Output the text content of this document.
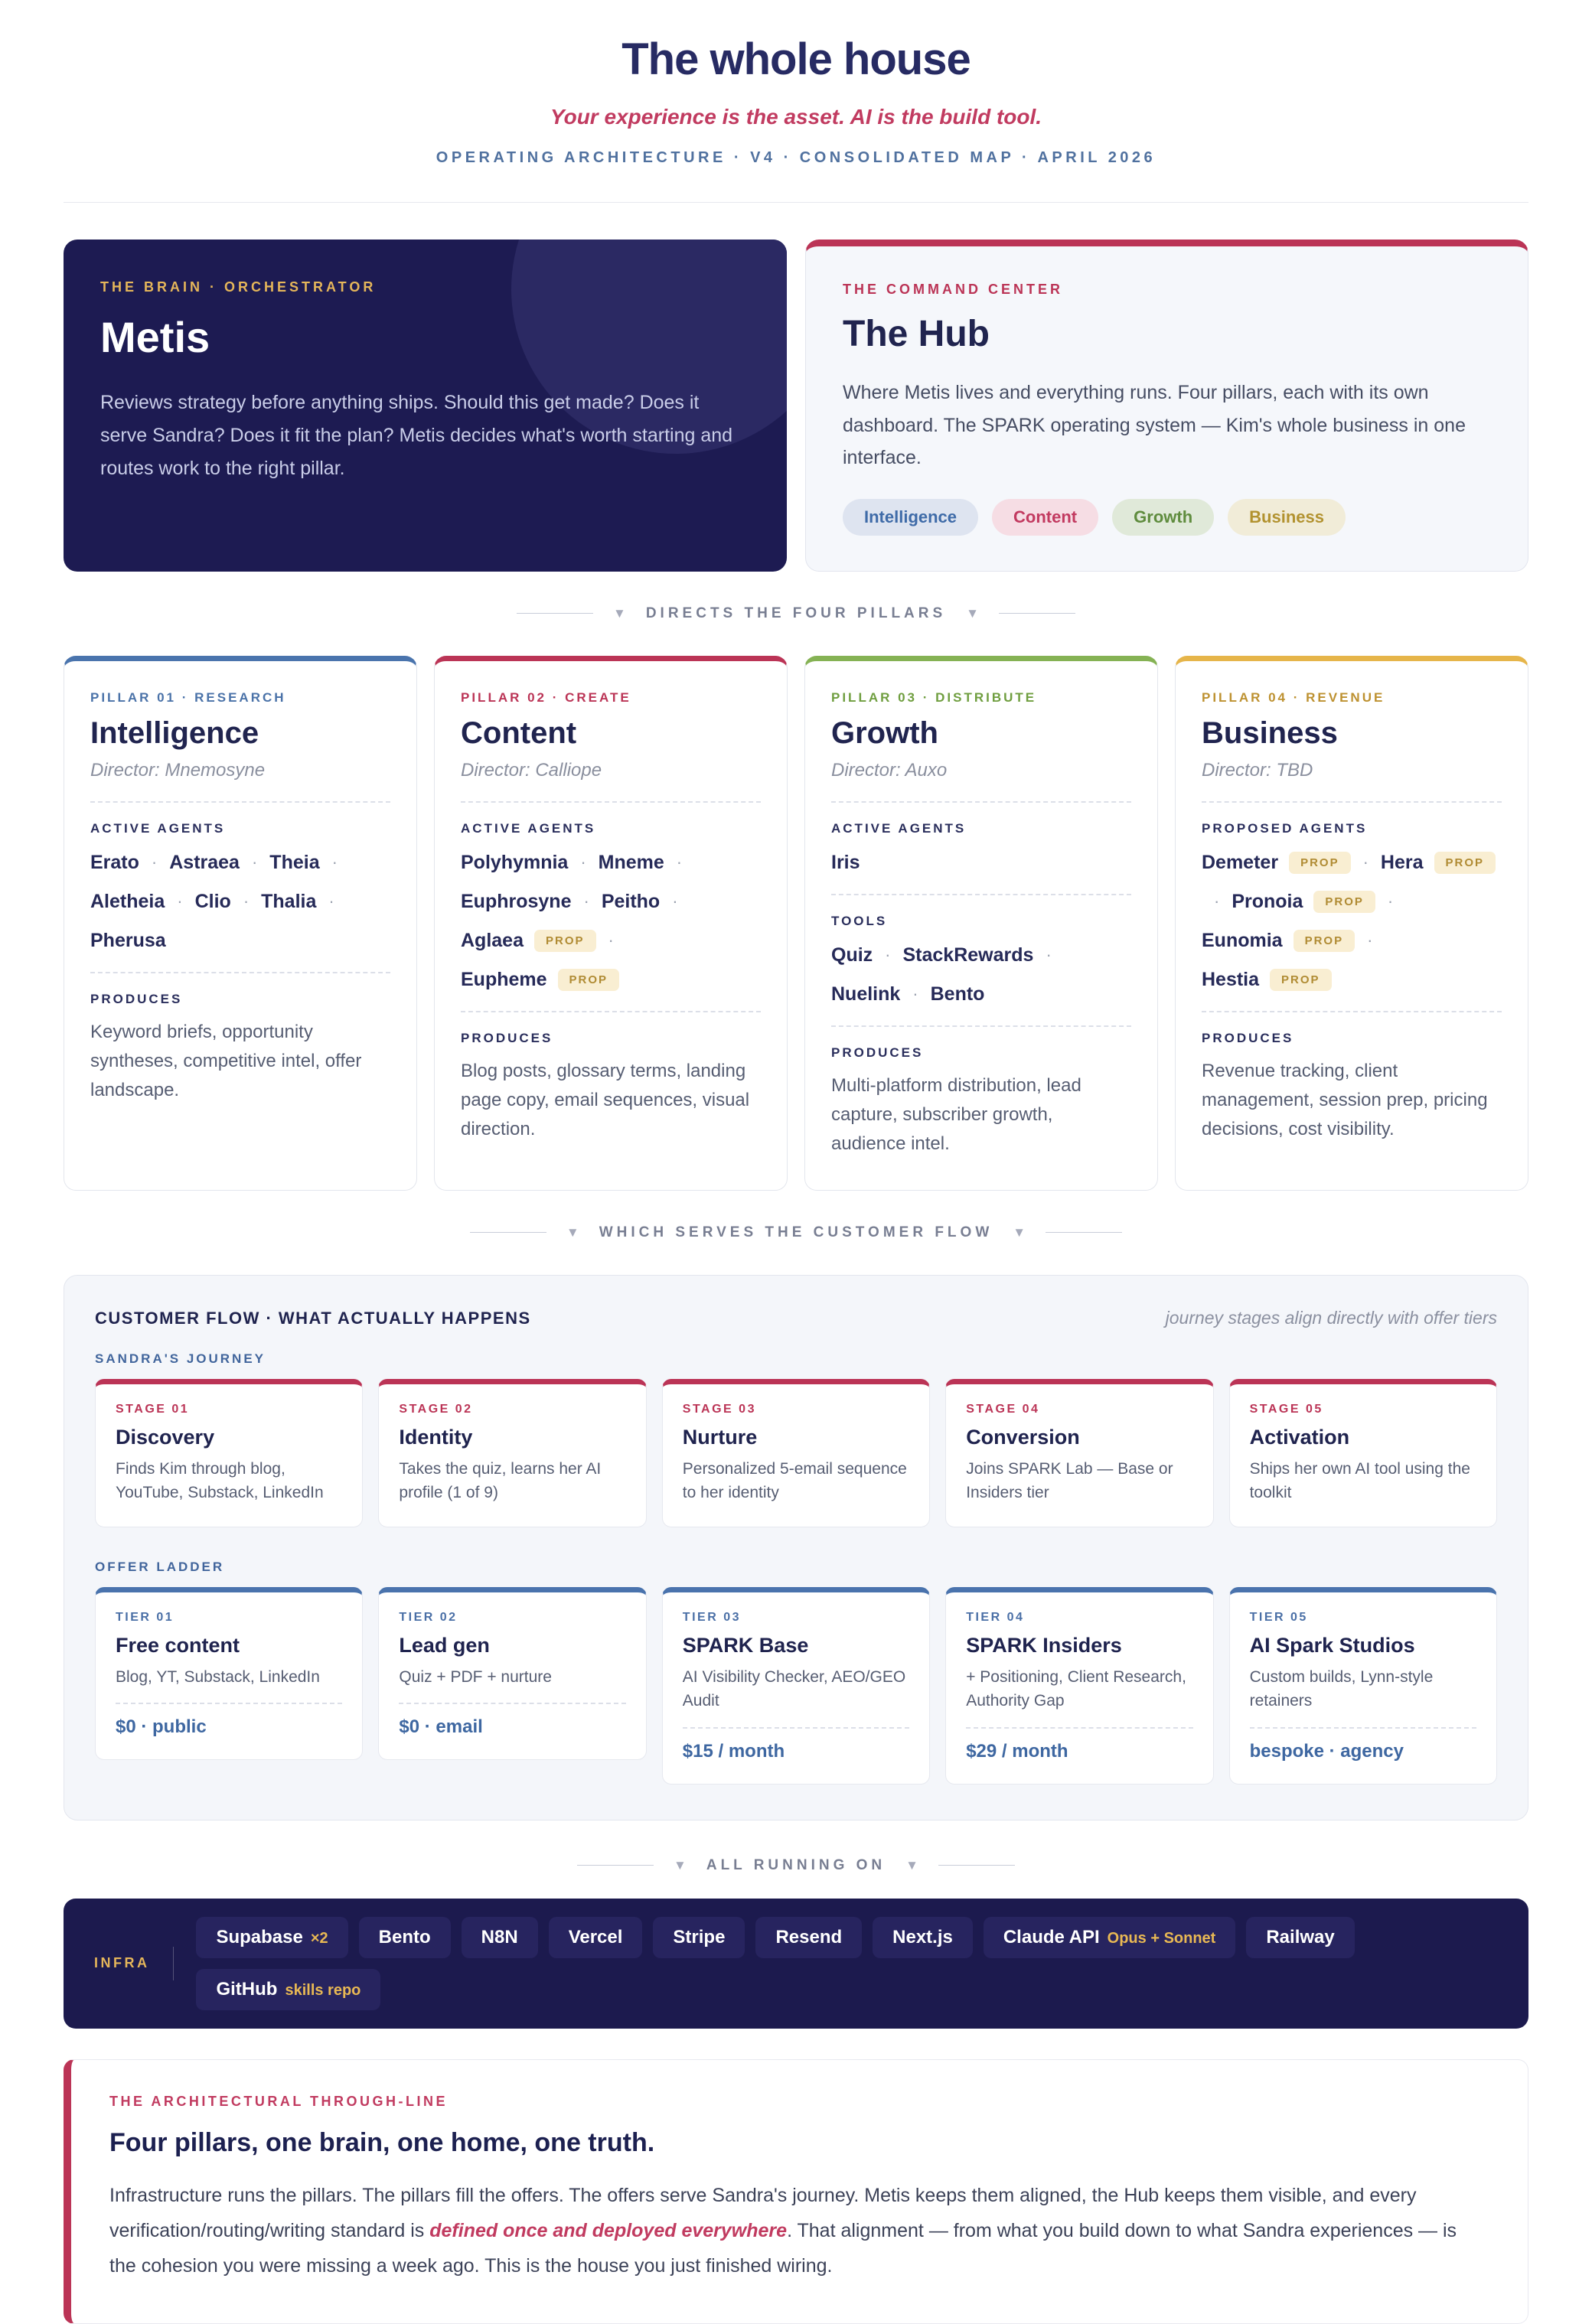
The whole house
Your experience is the asset. AI is the build tool.
OPERATING ARCHITECTURE · V4 · CONSOLIDATED MAP · APRIL 2026
THE BRAIN · ORCHESTRATOR
Metis
Reviews strategy before anything ships. Should this get made? Does it serve Sandra? Does it fit the plan? Metis decides what's worth starting and routes work to the right pillar.
THE COMMAND CENTER
The Hub
Where Metis lives and everything runs. Four pillars, each with its own dashboard. The SPARK operating system — Kim's whole business in one interface.
Intelligence	Content	Growth	Business
▼ DIRECTS THE FOUR PILLARS ▼
PILLAR 01 · RESEARCH
Intelligence
Director: Mnemosyne
ACTIVE AGENTS
Erato · Astraea · Theia ·
Aletheia · Clio · Thalia ·
Pherusa
PRODUCES
Keyword briefs, opportunity syntheses, competitive intel, offer landscape.
PILLAR 02 · CREATE
Content
Director: Calliope
ACTIVE AGENTS
Polyhymnia · Mneme ·
Euphrosyne · Peitho ·
Aglaea	PROP	·
Eupheme	PROP
PRODUCES
Blog posts, glossary terms, landing page copy, email sequences, visual direction.
PILLAR 03 · DISTRIBUTE
Growth
Director: Auxo
ACTIVE AGENTS
Iris
TOOLS
Quiz · StackRewards ·
Nuelink · Bento
PRODUCES
Multi-platform distribution, lead capture, subscriber growth, audience intel.
PILLAR 04 · REVENUE
Business
Director: TBD
PROPOSED AGENTS
Demeter	PROP	· Hera	PROP
· Pronoia	PROP	·
Eunomia	PROP	·
Hestia	PROP
PRODUCES
Revenue tracking, client management, session prep, pricing decisions, cost visibility.
▼ WHICH SERVES THE CUSTOMER FLOW ▼
CUSTOMER FLOW · WHAT ACTUALLY HAPPENS	journey stages align directly with offer tiers
SANDRA'S JOURNEY
STAGE 01
Discovery
Finds Kim through blog, YouTube, Substack, LinkedIn
STAGE 02
Identity
Takes the quiz, learns her AI profile (1 of 9)
STAGE 03
Nurture
Personalized 5-email sequence to her identity
STAGE 04
Conversion
Joins SPARK Lab — Base or Insiders tier
STAGE 05
Activation
Ships her own AI tool using the toolkit
OFFER LADDER
TIER 01
Free content
Blog, YT, Substack, LinkedIn
$0 · public
TIER 02
Lead gen
Quiz + PDF + nurture
$0 · email
TIER 03
SPARK Base
AI Visibility Checker, AEO/GEO Audit
$15 / month
TIER 04
SPARK Insiders
+ Positioning, Client Research, Authority Gap
$29 / month
TIER 05
AI Spark Studios
Custom builds, Lynn-style retainers
bespoke · agency
▼ ALL RUNNING ON ▼
INFRA
Supabase ×2	Bento	N8N	Vercel	Stripe	Resend	Next.js	Claude API Opus + Sonnet	Railway
GitHub skills repo
THE ARCHITECTURAL THROUGH-LINE
Four pillars, one brain, one home, one truth.
Infrastructure runs the pillars. The pillars fill the offers. The offers serve Sandra's journey. Metis keeps them aligned, the Hub keeps them visible, and every verification/routing/writing standard is defined once and deployed everywhere. That alignment — from what you build down to what Sandra experiences — is the cohesion you were missing a week ago. This is the house you just finished wiring.
